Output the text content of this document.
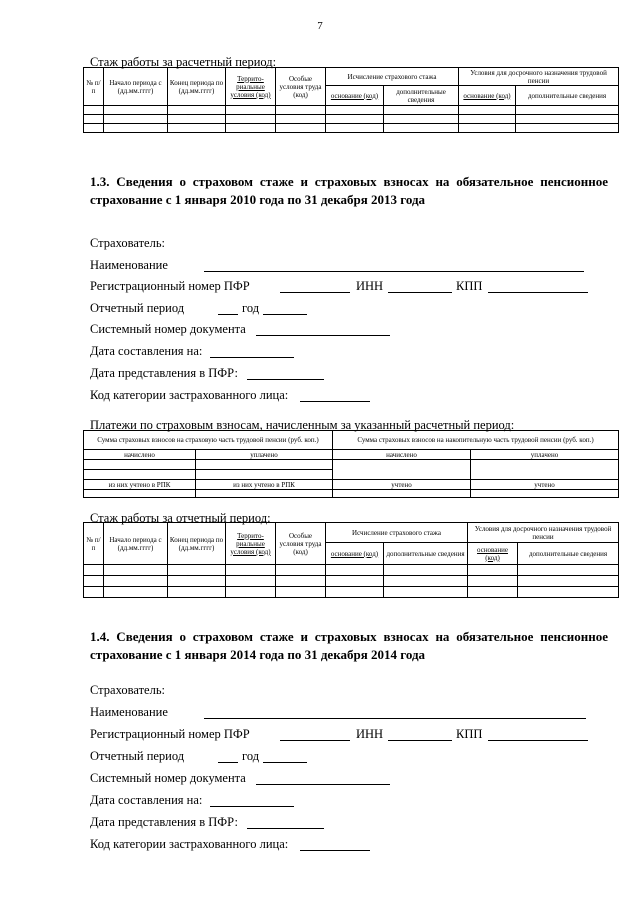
7
Стаж работы за расчетный период:
№ п/п	Начало периода с (дд.мм.гггг)	Конец периода по (дд.мм.гггг)	Террито-риальные условия (код)	Особые условия труда (код)	Исчисление страхового стажа		Условия для досрочного назначения трудовой пенсии	
					основание (код)	дополнительные сведения	основание (код)	дополнительные сведения

1.3. Сведения о страховом стаже и страховых взносах на обязательное пенсионное страхование с 1 января 2010 года по 31 декабря 2013 года
Страхователь:
Наименование
Регистрационный номер ПФР	ИНН	КПП
Отчетный период	год
Системный номер документа
Дата составления на:
Дата представления в ПФР:
Код категории застрахованного лица:
Платежи по страховым взносам, начисленным за указанный расчетный период:
Сумма страховых взносов на страховую часть трудовой пенсии (руб. коп.)		Сумма страховых взносов на накопительную часть трудовой пенсии (руб. коп.)	
начислено	уплачено	начислено	уплачено

из них учтено в РПК	из них учтено в РПК	учтено	учтено

Стаж работы за отчетный период:
№ п/п	Начало периода с (дд.мм.гггг)	Конец периода по (дд.мм.гггг)	Террито-риальные условия (код)	Особые условия труда (код)	Исчисление страхового стажа		Условия для досрочного назначения трудовой пенсии	
					основание (код)	дополнительные сведения	основание (код)	дополнительные сведения

1.4. Сведения о страховом стаже и страховых взносах на обязательное пенсионное страхование с 1 января 2014 года по 31 декабря 2014 года
Страхователь:
Наименование
Регистрационный номер ПФР	ИНН	КПП
Отчетный период	год
Системный номер документа
Дата составления на:
Дата представления в ПФР:
Код категории застрахованного лица:
